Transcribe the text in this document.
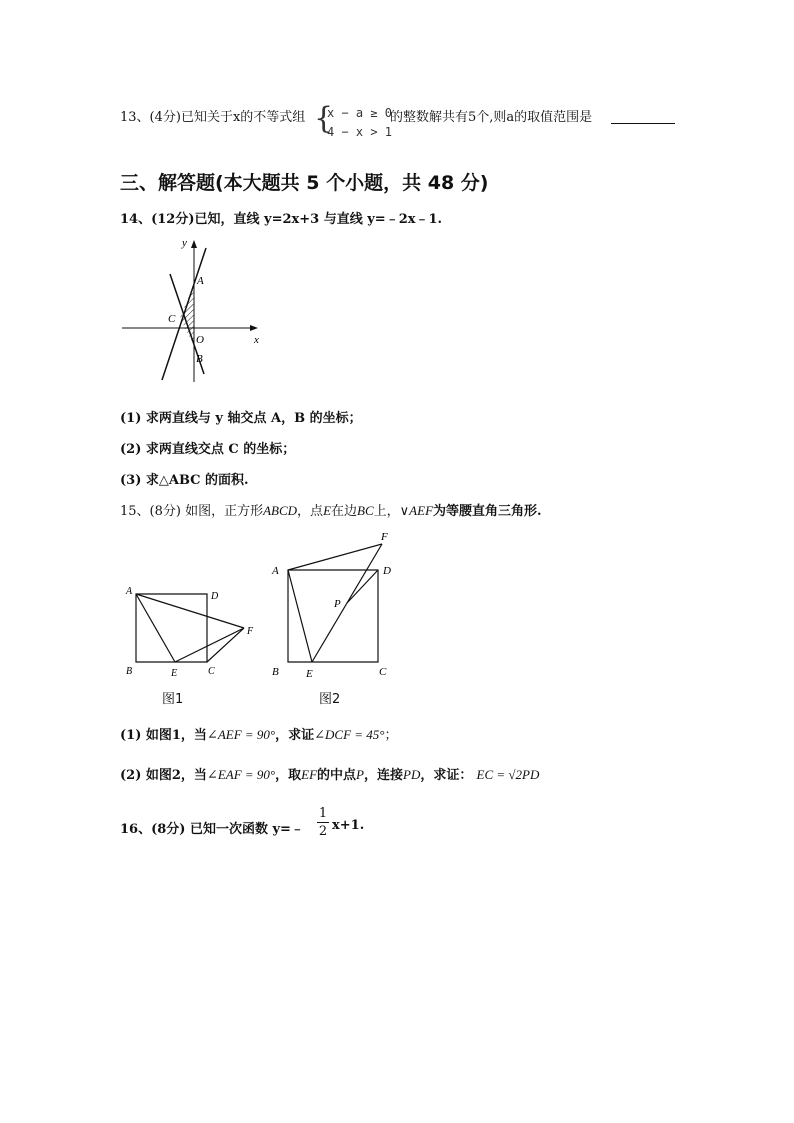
13、(4分)已知关于x的不等式组 {
x − a ≥ 0
4 − x > 1
的整数解共有5个,则a的取值范围是
三、解答题(本大题共 5 个小题，共 48 分)
14、(12分)已知，直线 y=2x+3 与直线 y=﹣2x﹣1.
y
x
A
B
C
O
(1) 求两直线与 y 轴交点 A，B 的坐标；
(2) 求两直线交点 C 的坐标；
(3) 求△ABC 的面积.
15、(8分) 如图，正方形ABCD，点E在边BC上，∨AEF为等腰直角三角形.
A	D
B	E	C
F
图1
A	D
F
P
B E	C
图2
(1) 如图1，当∠AEF = 90°，求证∠DCF = 45°；
(2) 如图2，当∠EAF = 90°，取EF的中点P，连接PD，求证： EC = √2PD
16、(8分) 已知一次函数 y=﹣
1
2 x+1.
